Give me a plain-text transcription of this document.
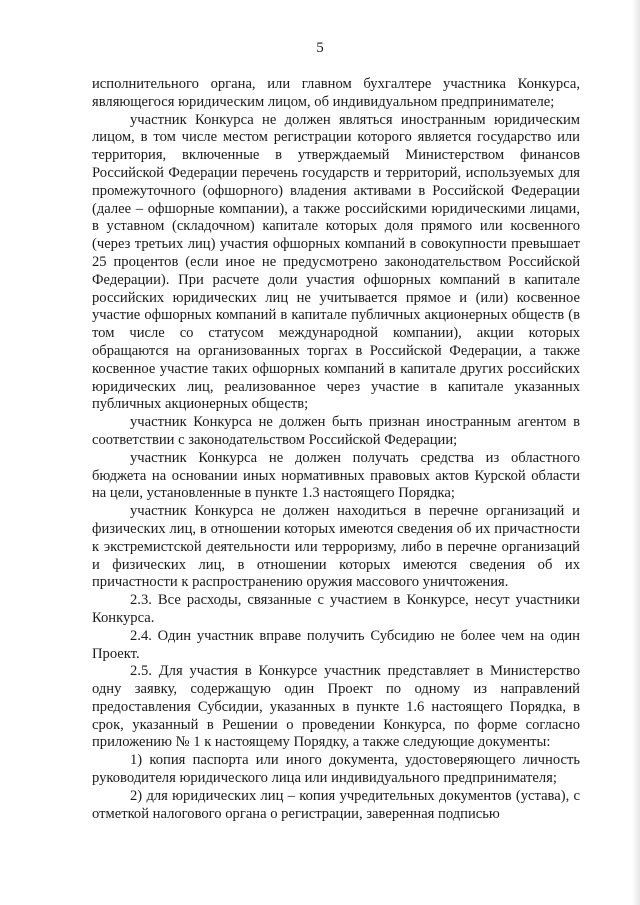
5

исполнительного органа, или главном бухгалтере участника Конкурса, являющегося юридическим лицом, об индивидуальном предпринимателе;

участник Конкурса не должен являться иностранным юридическим лицом, в том числе местом регистрации которого является государство или территория, включенные в утверждаемый Министерством финансов Российской Федерации перечень государств и территорий, используемых для промежуточного (офшорного) владения активами в Российской Федерации (далее – офшорные компании), а также российскими юридическими лицами, в уставном (складочном) капитале которых доля прямого или косвенного (через третьих лиц) участия офшорных компаний в совокупности превышает 25 процентов (если иное не предусмотрено законодательством Российской Федерации). При расчете доли участия офшорных компаний в капитале российских юридических лиц не учитывается прямое и (или) косвенное участие офшорных компаний в капитале публичных акционерных обществ (в том числе со статусом международной компании), акции которых обращаются на организованных торгах в Российской Федерации, а также косвенное участие таких офшорных компаний в капитале других российских юридических лиц, реализованное через участие в капитале указанных публичных акционерных обществ;

участник Конкурса не должен быть признан иностранным агентом в соответствии с законодательством Российской Федерации;

участник Конкурса не должен получать средства из областного бюджета на основании иных нормативных правовых актов Курской области на цели, установленные в пункте 1.3 настоящего Порядка;

участник Конкурса не должен находиться в перечне организаций и физических лиц, в отношении которых имеются сведения об их причастности к экстремистской деятельности или терроризму, либо в перечне организаций и физических лиц, в отношении которых имеются сведения об их причастности к распространению оружия массового уничтожения.

2.3. Все расходы, связанные с участием в Конкурсе, несут участники Конкурса.

2.4. Один участник вправе получить Субсидию не более чем на один Проект.

2.5. Для участия в Конкурсе участник представляет в Министерство одну заявку, содержащую один Проект по одному из направлений предоставления Субсидии, указанных в пункте 1.6 настоящего Порядка, в срок, указанный в Решении о проведении Конкурса, по форме согласно приложению № 1 к настоящему Порядку, а также следующие документы:

1) копия паспорта или иного документа, удостоверяющего личность руководителя юридического лица или индивидуального предпринимателя;

2) для юридических лиц – копия учредительных документов (устава), с отметкой налогового органа о регистрации, заверенная подписью
